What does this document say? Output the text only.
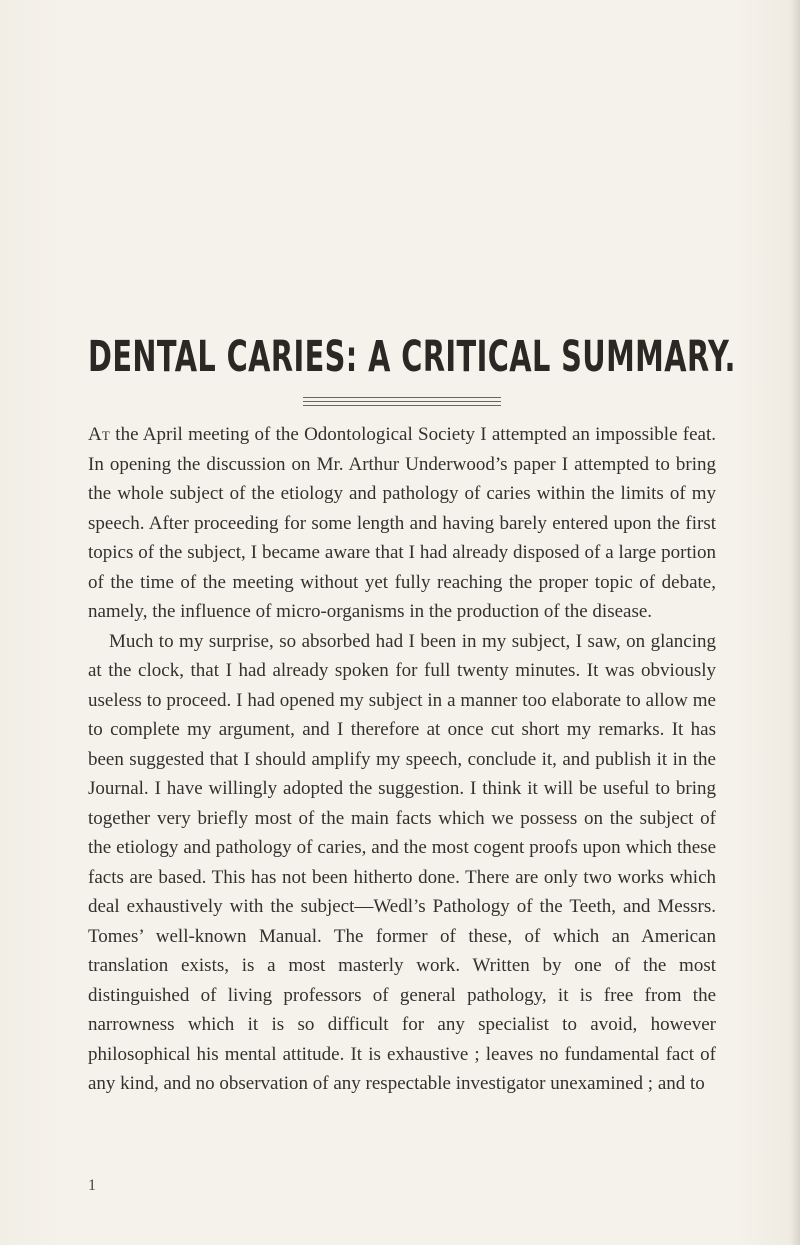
DENTAL CARIES: A CRITICAL SUMMARY.

At the April meeting of the Odontological Society I attempted an impossible feat. In opening the discussion on Mr. Arthur Underwood’s paper I attempted to bring the whole subject of the etiology and pathology of caries within the limits of my speech. After proceeding for some length and having barely entered upon the first topics of the subject, I became aware that I had already disposed of a large portion of the time of the meeting without yet fully reaching the proper topic of debate, namely, the influence of micro-organisms in the production of the disease.

Much to my surprise, so absorbed had I been in my subject, I saw, on glancing at the clock, that I had already spoken for full twenty minutes. It was obviously useless to proceed. I had opened my subject in a manner too elaborate to allow me to complete my argument, and I therefore at once cut short my remarks. It has been suggested that I should amplify my speech, conclude it, and publish it in the Journal. I have willingly adopted the suggestion. I think it will be useful to bring together very briefly most of the main facts which we possess on the subject of the etiology and pathology of caries, and the most cogent proofs upon which these facts are based. This has not been hitherto done. There are only two works which deal exhaustively with the subject—Wedl’s Pathology of the Teeth, and Messrs. Tomes’ well-known Manual. The former of these, of which an American translation exists, is a most masterly work. Written by one of the most distinguished of living professors of general pathology, it is free from the narrowness which it is so difficult for any specialist to avoid, however philosophical his mental attitude. It is exhaustive ; leaves no fundamental fact of any kind, and no observation of any respectable investigator unexamined ; and to

1
